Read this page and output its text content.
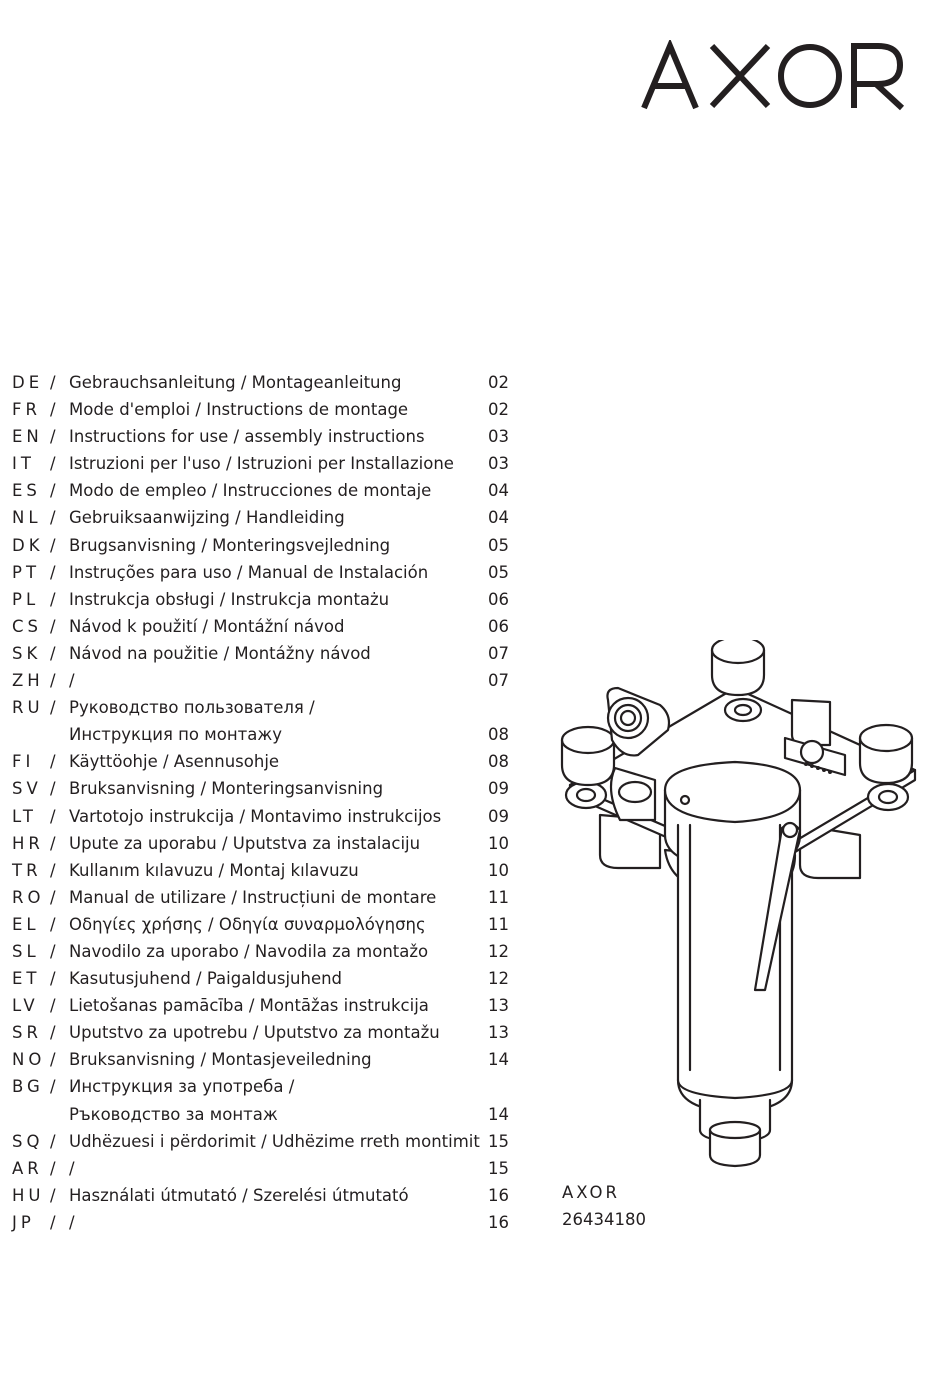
DE / Gebrauchsanleitung / Montageanleitung	02
FR / Mode d'emploi / Instructions de montage	02
EN / Instructions for use / assembly instructions	03
IT / Istruzioni per l'uso / Istruzioni per Installazione 03
ES / Modo de empleo / Instrucciones de montaje	04
NL / Gebruiksaanwijzing / Handleiding	04
DK / Brugsanvisning / Monteringsvejledning	05
PT / Instruções para uso / Manual de Instalación	05
PL / Instrukcja obsługi / Instrukcja montażu	06
CS / Návod k použití / Montážní návod	06
SK / Návod na použitie / Montážny návod	07
ZH / /	07
RU / Руководство пользователя /
Инструкция по монтажу	08
FI / Käyttöohje / Asennusohje	08
SV / Bruksanvisning / Monteringsanvisning	09
LT / Vartotojo instrukcija / Montavimo instrukcijos	09
HR / Upute za uporabu / Uputstva za instalaciju	10
TR / Kullanım kılavuzu / Montaj kılavuzu	10
RO / Manual de utilizare / Instrucțiuni de montare	11
EL / Οδηγίες χρήσης / Οδηγία συναρμολόγησης	11
SL / Navodilo za uporabo / Navodila za montažo	12
ET / Kasutusjuhend / Paigaldusjuhend	12
LV / Lietošanas pamācība / Montāžas instrukcija	13
SR / Uputstvo za upotrebu / Uputstvo za montažu	13
NO / Bruksanvisning / Montasjeveiledning	14
BG / Инструкция за употреба /
Ръководство за монтаж	14
SQ / Udhëzuesi i përdorimit / Udhëzime rreth montimit 15
AR / /	15
HU / Használati útmutató / Szerelési útmutató	16
JP / /	16
AXOR
26434180
